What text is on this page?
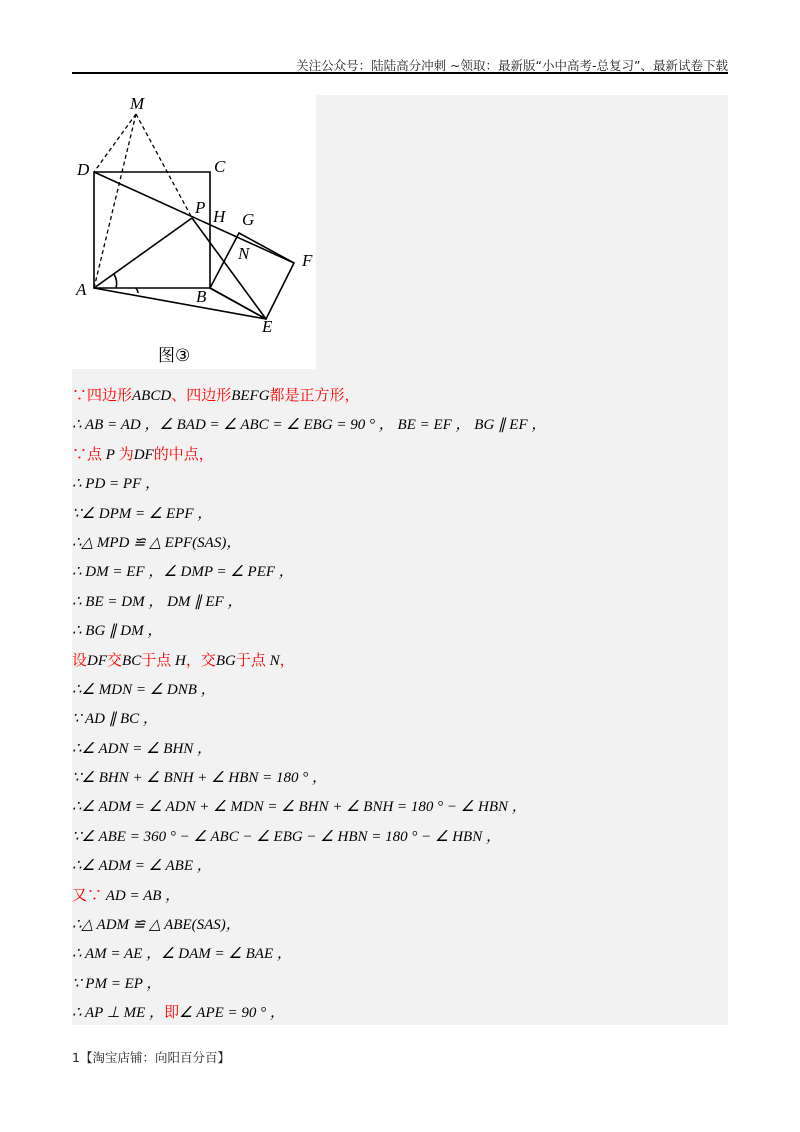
关注公众号：陆陆高分冲刺 ~领取：最新版“小中高考-总复习”、最新试卷下载
M
D	C
P H G
N	F
A	B
E
图③
∵四边形ABCD、四边形BEFG都是正方形，
∴ AB = AD ，∠ BAD = ∠ ABC = ∠ EBG = 90 ° ， BE = EF ， BG ∥ EF ，
∵点 P 为DF的中点，
∴ PD = PF ，
∵∠ DPM = ∠ EPF ，
∴△ MPD ≌ △ EPF(SAS)，
∴ DM = EF ，∠ DMP = ∠ PEF ，
∴ BE = DM ， DM ∥ EF ，
∴ BG ∥ DM ，
设DF交BC于点 H，交BG于点 N，
∴∠ MDN = ∠ DNB ，
∵ AD ∥ BC ，
∴∠ ADN = ∠ BHN ，
∵∠ BHN + ∠ BNH + ∠ HBN = 180 ° ，
∴∠ ADM = ∠ ADN + ∠ MDN = ∠ BHN + ∠ BNH = 180 ° − ∠ HBN ，
∵∠ ABE = 360 ° − ∠ ABC − ∠ EBG − ∠ HBN = 180 ° − ∠ HBN ，
∴∠ ADM = ∠ ABE ，
又∵ AD = AB ，
∴△ ADM ≌ △ ABE(SAS)，
∴ AM = AE ，∠ DAM = ∠ BAE ，
∵ PM = EP ，
∴ AP ⊥ ME ，即∠ APE = 90 ° ，
1【淘宝店铺：向阳百分百】
